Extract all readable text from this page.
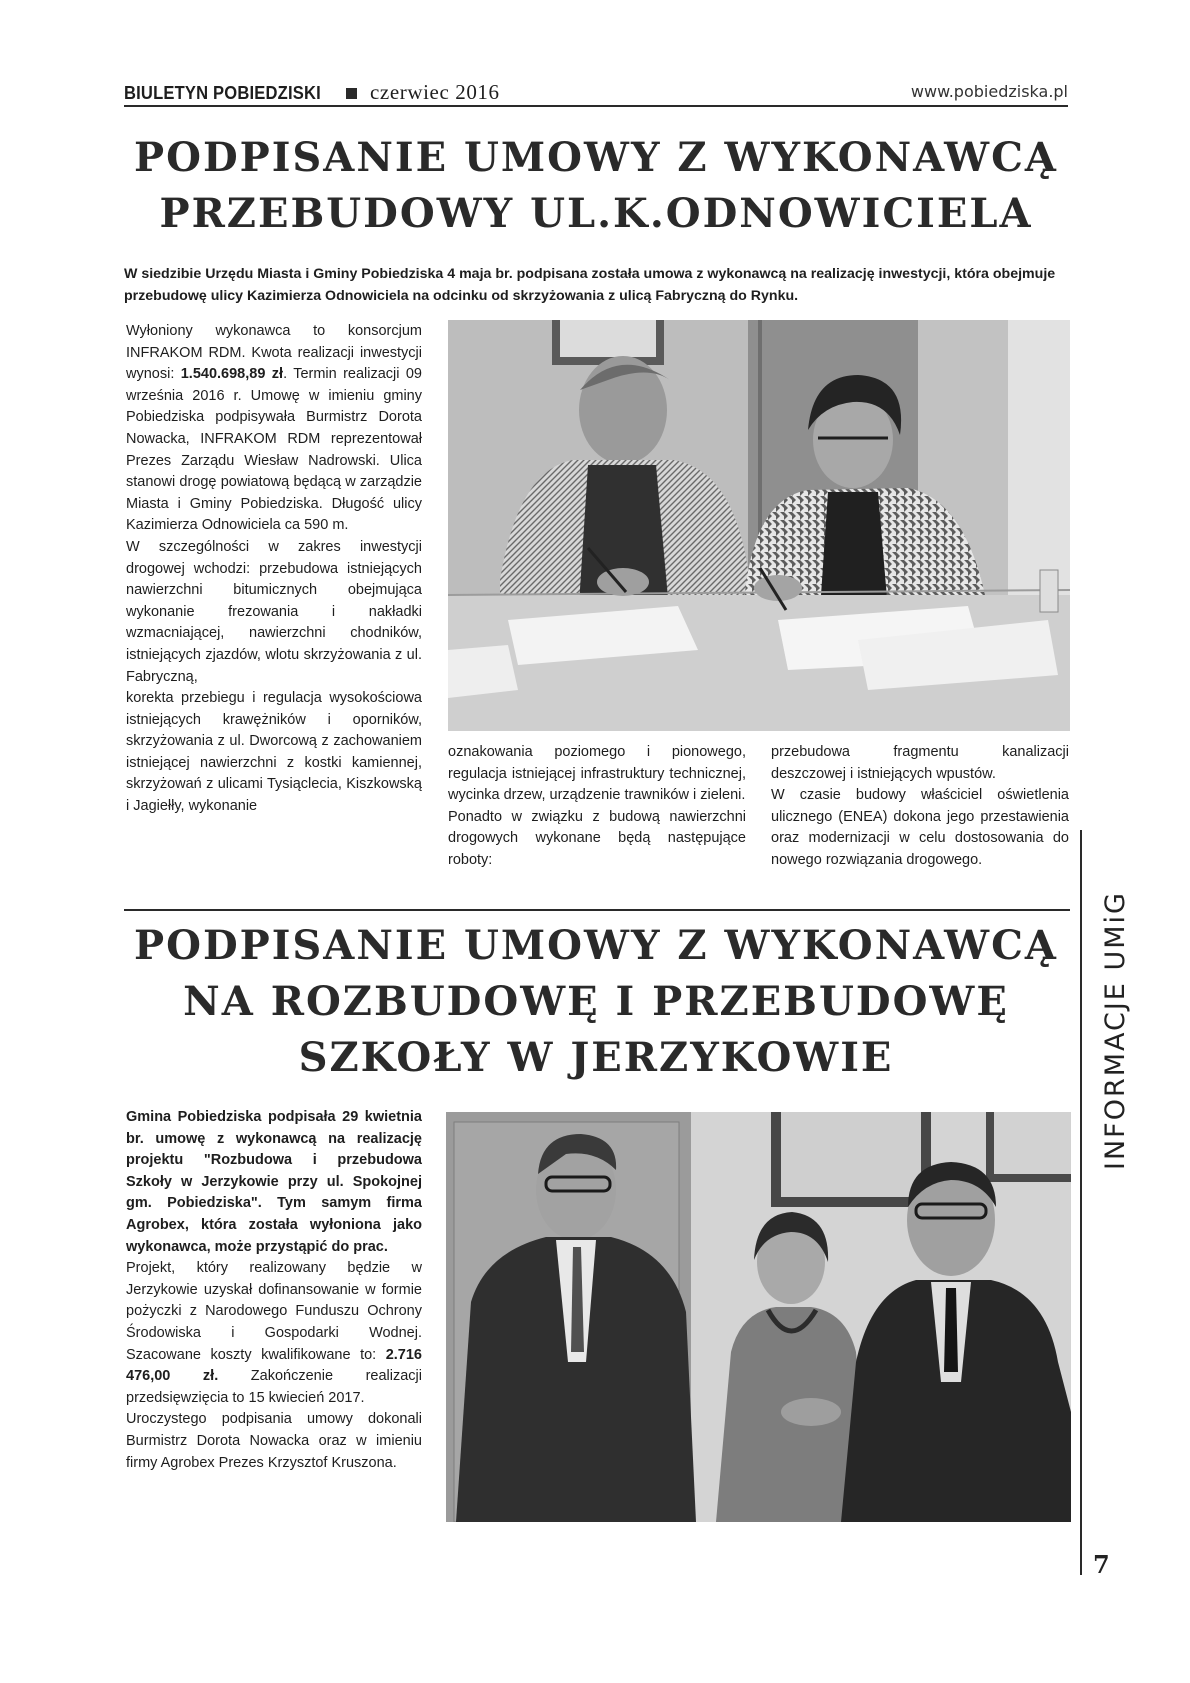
BIULETYN POBIEDZISKI czerwiec 2016	www.pobiedziska.pl
PODPISANIE UMOWY Z WYKONAWCĄ
PRZEBUDOWY UL.K.ODNOWICIELA

W siedzibie Urzędu Miasta i Gminy Pobiedziska 4 maja br. podpisana została umowa z wykonawcą na realizację inwestycji, która obejmuje przebudowę ulicy Kazimierza Odnowiciela na odcinku od skrzyżowania z ulicą Fabryczną do Rynku.

Wyłoniony wykonawca to konsorcjum INFRAKOM RDM. Kwota realizacji inwestycji wynosi: 1.540.698,89 zł. Termin realizacji 09 września 2016 r. Umowę w imieniu gminy Pobiedziska podpisywała Burmistrz Dorota Nowacka, INFRAKOM RDM reprezentował Prezes Zarządu Wiesław Nadrowski. Ulica stanowi drogę powiatową będącą w zarządzie Miasta i Gminy Pobiedziska. Długość ulicy Kazimierza Odnowiciela ca 590 m.

W szczególności w zakres inwestycji drogowej wchodzi: przebudowa istniejących nawierzchni bitumicznych obejmująca wykonanie frezowania i nakładki wzmacniającej, nawierzchni chodników, istniejących zjazdów, wlotu skrzyżowania z ul. Fabryczną,

korekta przebiegu i regulacja wysokościowa istniejących krawężników i oporników, skrzyżowania z ul. Dworcową z zachowaniem istniejącej nawierzchni z kostki kamiennej, skrzyżowań z ulicami Tysiąclecia, Kiszkowską i Jagiełły, wykonanie

oznakowania poziomego i pionowego, regulacja istniejącej infrastruktury technicznej, wycinka drzew, urządzenie trawników i zieleni.

Ponadto w związku z budową nawierzchni drogowych wykonane będą następujące roboty:

przebudowa fragmentu kanalizacji deszczowej i istniejących wpustów.

W czasie budowy właściciel oświetlenia ulicznego (ENEA) dokona jego przestawienia oraz modernizacji w celu dostosowania do nowego rozwiązania drogowego.

PODPISANIE UMOWY Z WYKONAWCĄ
NA ROZBUDOWĘ I PRZEBUDOWĘ
SZKOŁY W JERZYKOWIE

Gmina Pobiedziska podpisała 29 kwietnia br. umowę z wykonawcą na realizację projektu "Rozbudowa i przebudowa Szkoły w Jerzykowie przy ul. Spokojnej gm. Pobiedziska". Tym samym firma Agrobex, która została wyłoniona jako wykonawca, może przystąpić do prac.

Projekt, który realizowany będzie w Jerzykowie uzyskał dofinansowanie w formie pożyczki z Narodowego Funduszu Ochrony Środowiska i Gospodarki Wodnej. Szacowane koszty kwalifikowane to: 2.716 476,00 zł. Zakończenie realizacji przedsięwzięcia to 15 kwiecień 2017.

Uroczystego podpisania umowy dokonali Burmistrz Dorota Nowacka oraz w imieniu firmy Agrobex Prezes Krzysztof Kruszona.

INFORMACJE UMiG
7
